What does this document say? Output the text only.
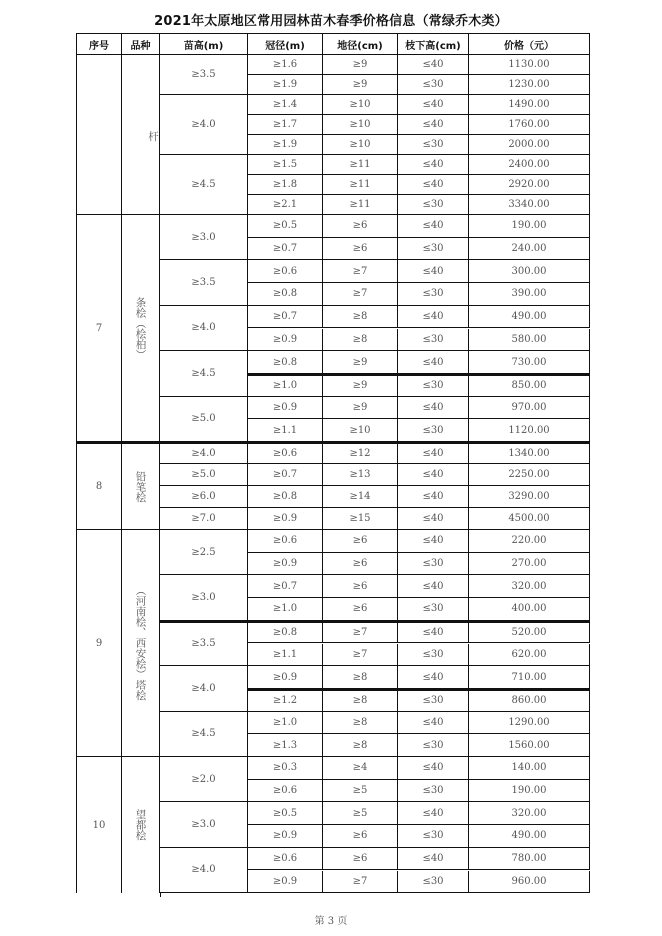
2021年太原地区常用园林苗木春季价格信息（常绿乔木类）
序号	品种	苗高(m)	冠径(m)	地径(cm)	枝下高(cm)	价格（元）
杆
≥3.5
≥1.6	≥9	≤40	1130.00
≥1.9	≥9	≤30	1230.00
≥4.0
≥1.4	≥10	≤40	1490.00
≥1.7	≥10	≤40	1760.00
≥1.9	≥10	≤30	2000.00
≥4.5
≥1.5	≥11	≤40	2400.00
≥1.8	≥11	≤40	2920.00
≥2.1	≥11	≤30	3340.00
7	条桧（桧柏）
≥3.0
≥0.5	≥6	≤40	190.00
≥0.7	≥6	≤30	240.00
≥3.5
≥0.6	≥7	≤40	300.00
≥0.8	≥7	≤30	390.00
≥4.0
≥0.7	≥8	≤40	490.00
≥0.9	≥8	≤30	580.00
≥4.5
≥0.8	≥9	≤40	730.00
≥1.0	≥9	≤30	850.00
≥5.0
≥0.9	≥9	≤40	970.00
≥1.1	≥10	≤30	1120.00
8	铅笔桧
≥4.0	≥0.6	≥12	≤40	1340.00
≥5.0	≥0.7	≥13	≤40	2250.00
≥6.0	≥0.8	≥14	≤40	3290.00
≥7.0	≥0.9	≥15	≤40	4500.00
9	（河南桧、西安桧）塔桧
≥2.5
≥0.6	≥6	≤40	220.00
≥0.9	≥6	≤30	270.00
≥3.0
≥0.7	≥6	≤40	320.00
≥1.0	≥6	≤30	400.00
≥3.5
≥0.8	≥7	≤40	520.00
≥1.1	≥7	≤30	620.00
≥4.0
≥0.9	≥8	≤40	710.00
≥1.2	≥8	≤30	860.00
≥4.5
≥1.0	≥8	≤40	1290.00
≥1.3	≥8	≤30	1560.00
10	望都桧
≥2.0
≥0.3	≥4	≤40	140.00
≥0.6	≥5	≤30	190.00
≥3.0
≥0.5	≥5	≤40	320.00
≥0.9	≥6	≤30	490.00
≥4.0
≥0.6	≥6	≤40	780.00
≥0.9	≥7	≤30	960.00
第 3 页
